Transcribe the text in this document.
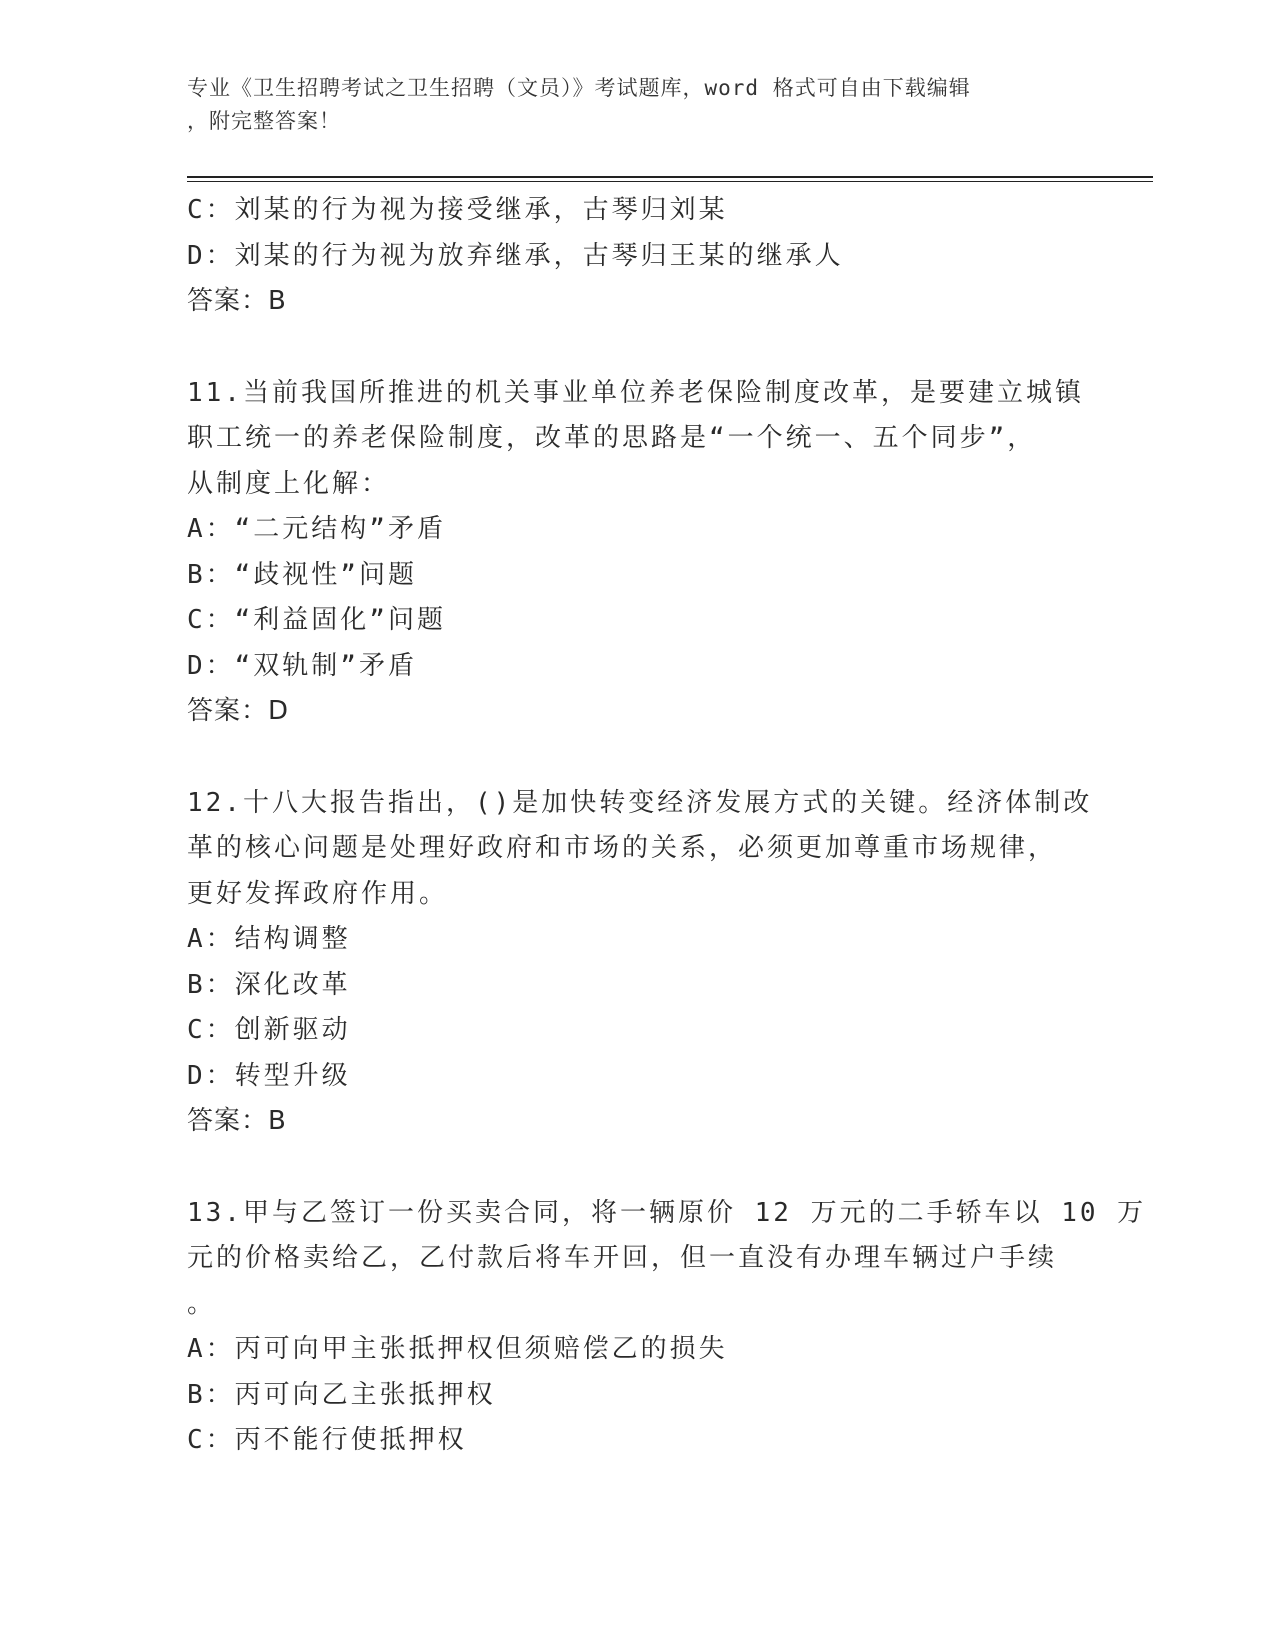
专业《卫生招聘考试之卫生招聘（文员）》考试题库，word 格式可自由下载编辑
，附完整答案！
C：刘某的行为视为接受继承，古琴归刘某
D：刘某的行为视为放弃继承，古琴归王某的继承人
答案：B
11.当前我国所推进的机关事业单位养老保险制度改革，是要建立城镇
职工统一的养老保险制度，改革的思路是“一个统一、五个同步”，
从制度上化解：
A：“二元结构”矛盾
B：“歧视性”问题
C：“利益固化”问题
D：“双轨制”矛盾
答案：D
12.十八大报告指出，()是加快转变经济发展方式的关键。经济体制改
革的核心问题是处理好政府和市场的关系，必须更加尊重市场规律，
更好发挥政府作用。
A：结构调整
B：深化改革
C：创新驱动
D：转型升级
答案：B
13.甲与乙签订一份买卖合同，将一辆原价 12 万元的二手轿车以 10 万
元的价格卖给乙，乙付款后将车开回，但一直没有办理车辆过户手续
。
A：丙可向甲主张抵押权但须赔偿乙的损失
B：丙可向乙主张抵押权
C：丙不能行使抵押权
